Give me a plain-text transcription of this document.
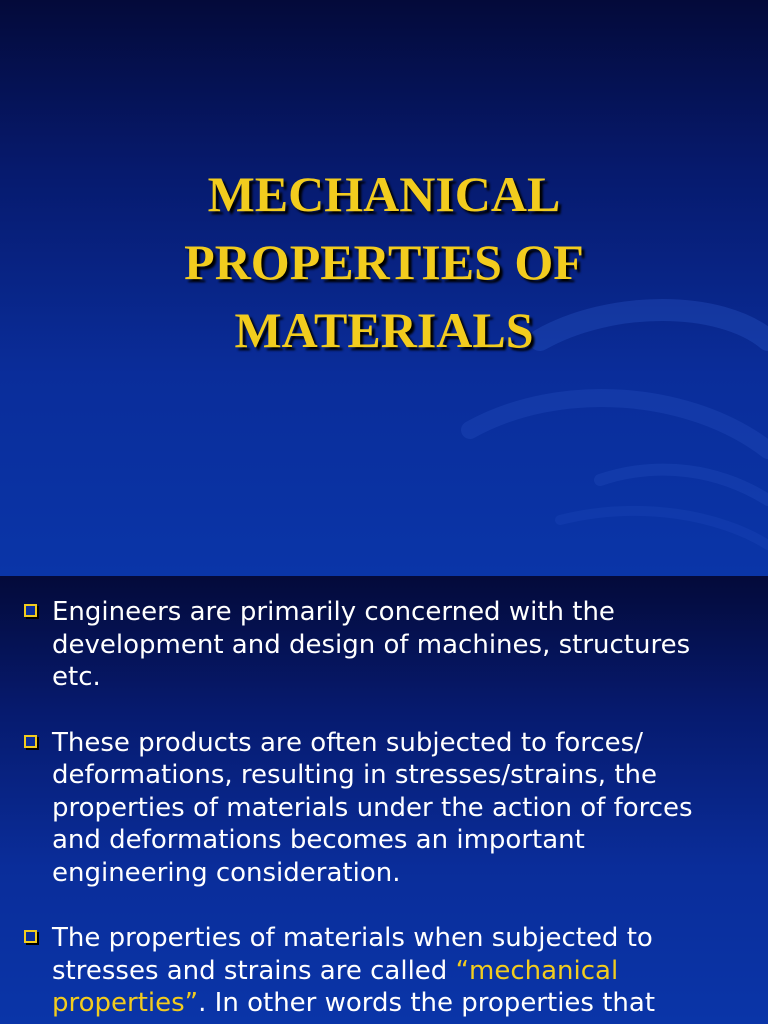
MECHANICAL
PROPERTIES OF
MATERIALS
Engineers are primarily concerned with the development and design of machines, structures etc.
These products are often subjected to forces/ deformations, resulting in stresses/strains, the properties of materials under the action of forces and deformations becomes an important engineering consideration.
The properties of materials when subjected to stresses and strains are called “mechanical properties”. In other words the properties that
